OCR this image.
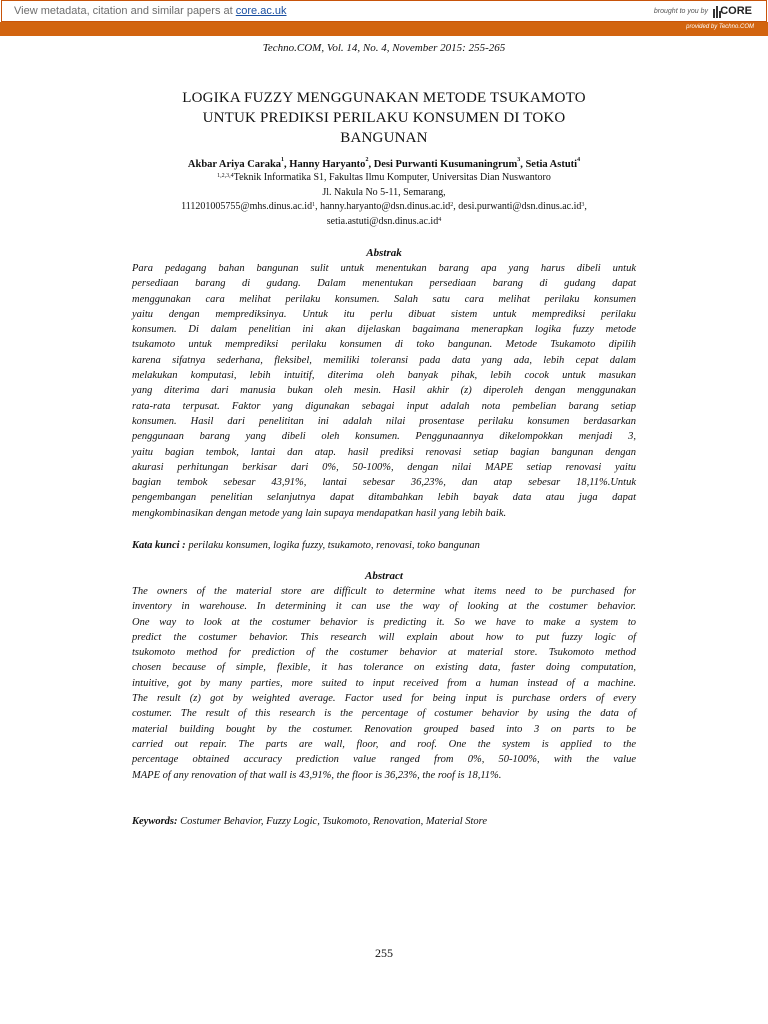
View metadata, citation and similar papers at core.ac.uk	brought to you by CORE
provided by Techno.COM
Techno.COM, Vol. 14, No. 4, November 2015: 255-265
LOGIKA FUZZY MENGGUNAKAN METODE TSUKAMOTO
UNTUK PREDIKSI PERILAKU KONSUMEN DI TOKO
BANGUNAN
Akbar Ariya Caraka$^1$, Hanny Haryanto$^2$, Desi Purwanti Kusumaningrum$^3$, Setia Astuti$^4$
$^{1,2,3,4}$Teknik Informatika S1, Fakultas Ilmu Komputer, Universitas Dian Nuswantoro
Jl. Nakula No 5-11, Semarang,
$111201005755@mhs.dinus.ac.id^1$, $hanny.haryanto@dsn.dinus.ac.id^2$, $desi.purwanti@dsn.dinus.ac.id^3$,
$setia.astuti@dsn.dinus.ac.id^4$
Abstrak
Para pedagang bahan bangunan sulit untuk menentukan barang apa yang harus dibeli untuk
persediaan barang di gudang. Dalam menentukan persediaan barang di gudang dapat
menggunakan cara melihat perilaku konsumen. Salah satu cara melihat perilaku konsumen
yaitu dengan memprediksinya. Untuk itu perlu dibuat sistem untuk memprediksi perilaku
konsumen. Di dalam penelitian ini akan dijelaskan bagaimana menerapkan logika fuzzy metode
tsukamoto untuk memprediksi perilaku konsumen di toko bangunan. Metode Tsukamoto dipilih
karena sifatnya sederhana, fleksibel, memiliki toleransi pada data yang ada, lebih cepat dalam
melakukan komputasi, lebih intuitif, diterima oleh banyak pihak, lebih cocok untuk masukan
yang diterima dari manusia bukan oleh mesin. Hasil akhir (z) diperoleh dengan menggunakan
rata-rata terpusat. Faktor yang digunakan sebagai input adalah nota pembelian barang setiap
konsumen. Hasil dari penelititan ini adalah nilai prosentase perilaku konsumen berdasarkan
penggunaan barang yang dibeli oleh konsumen. Penggunaannya dikelompokkan menjadi 3,
yaitu bagian tembok, lantai dan atap. hasil prediksi renovasi setiap bagian bangunan dengan
akurasi perhitungan berkisar dari 0%, 50-100%, dengan nilai MAPE setiap renovasi yaitu
bagian tembok sebesar 43,91%, lantai sebesar 36,23%, dan atap sebesar 18,11%.Untuk
pengembangan penelitian selanjutnya dapat ditambahkan lebih bayak data atau juga dapat
mengkombinasikan dengan metode yang lain supaya mendapatkan hasil yang lebih baik.
Kata kunci : perilaku konsumen, logika fuzzy, tsukamoto, renovasi, toko bangunan
Abstract
The owners of the material store are difficult to determine what items need to be purchased for
inventory in warehouse. In determining it can use the way of looking at the costumer behavior.
One way to look at the costumer behavior is predicting it. So we have to make a system to
predict the costumer behavior. This research will explain about how to put fuzzy logic of
tsukomoto method for prediction of the costumer behavior at material store. Tsukomoto method
chosen because of simple, flexible, it has tolerance on existing data, faster doing computation,
intuitive, got by many parties, more suited to input received from a human instead of a machine.
The result (z) got by weighted average. Factor used for being input is purchase orders of every
costumer. The result of this research is the percentage of costumer behavior by using the data of
material building bought by the costumer. Renovation grouped based into 3 on parts to be
carried out repair. The parts are wall, floor, and roof. One the system is applied to the
percentage obtained accuracy prediction value ranged from 0%, 50-100%, with the value
MAPE of any renovation of that wall is 43,91%, the floor is 36,23%, the roof is 18,11%.
Keywords: Costumer Behavior, Fuzzy Logic, Tsukomoto, Renovation, Material Store
255
